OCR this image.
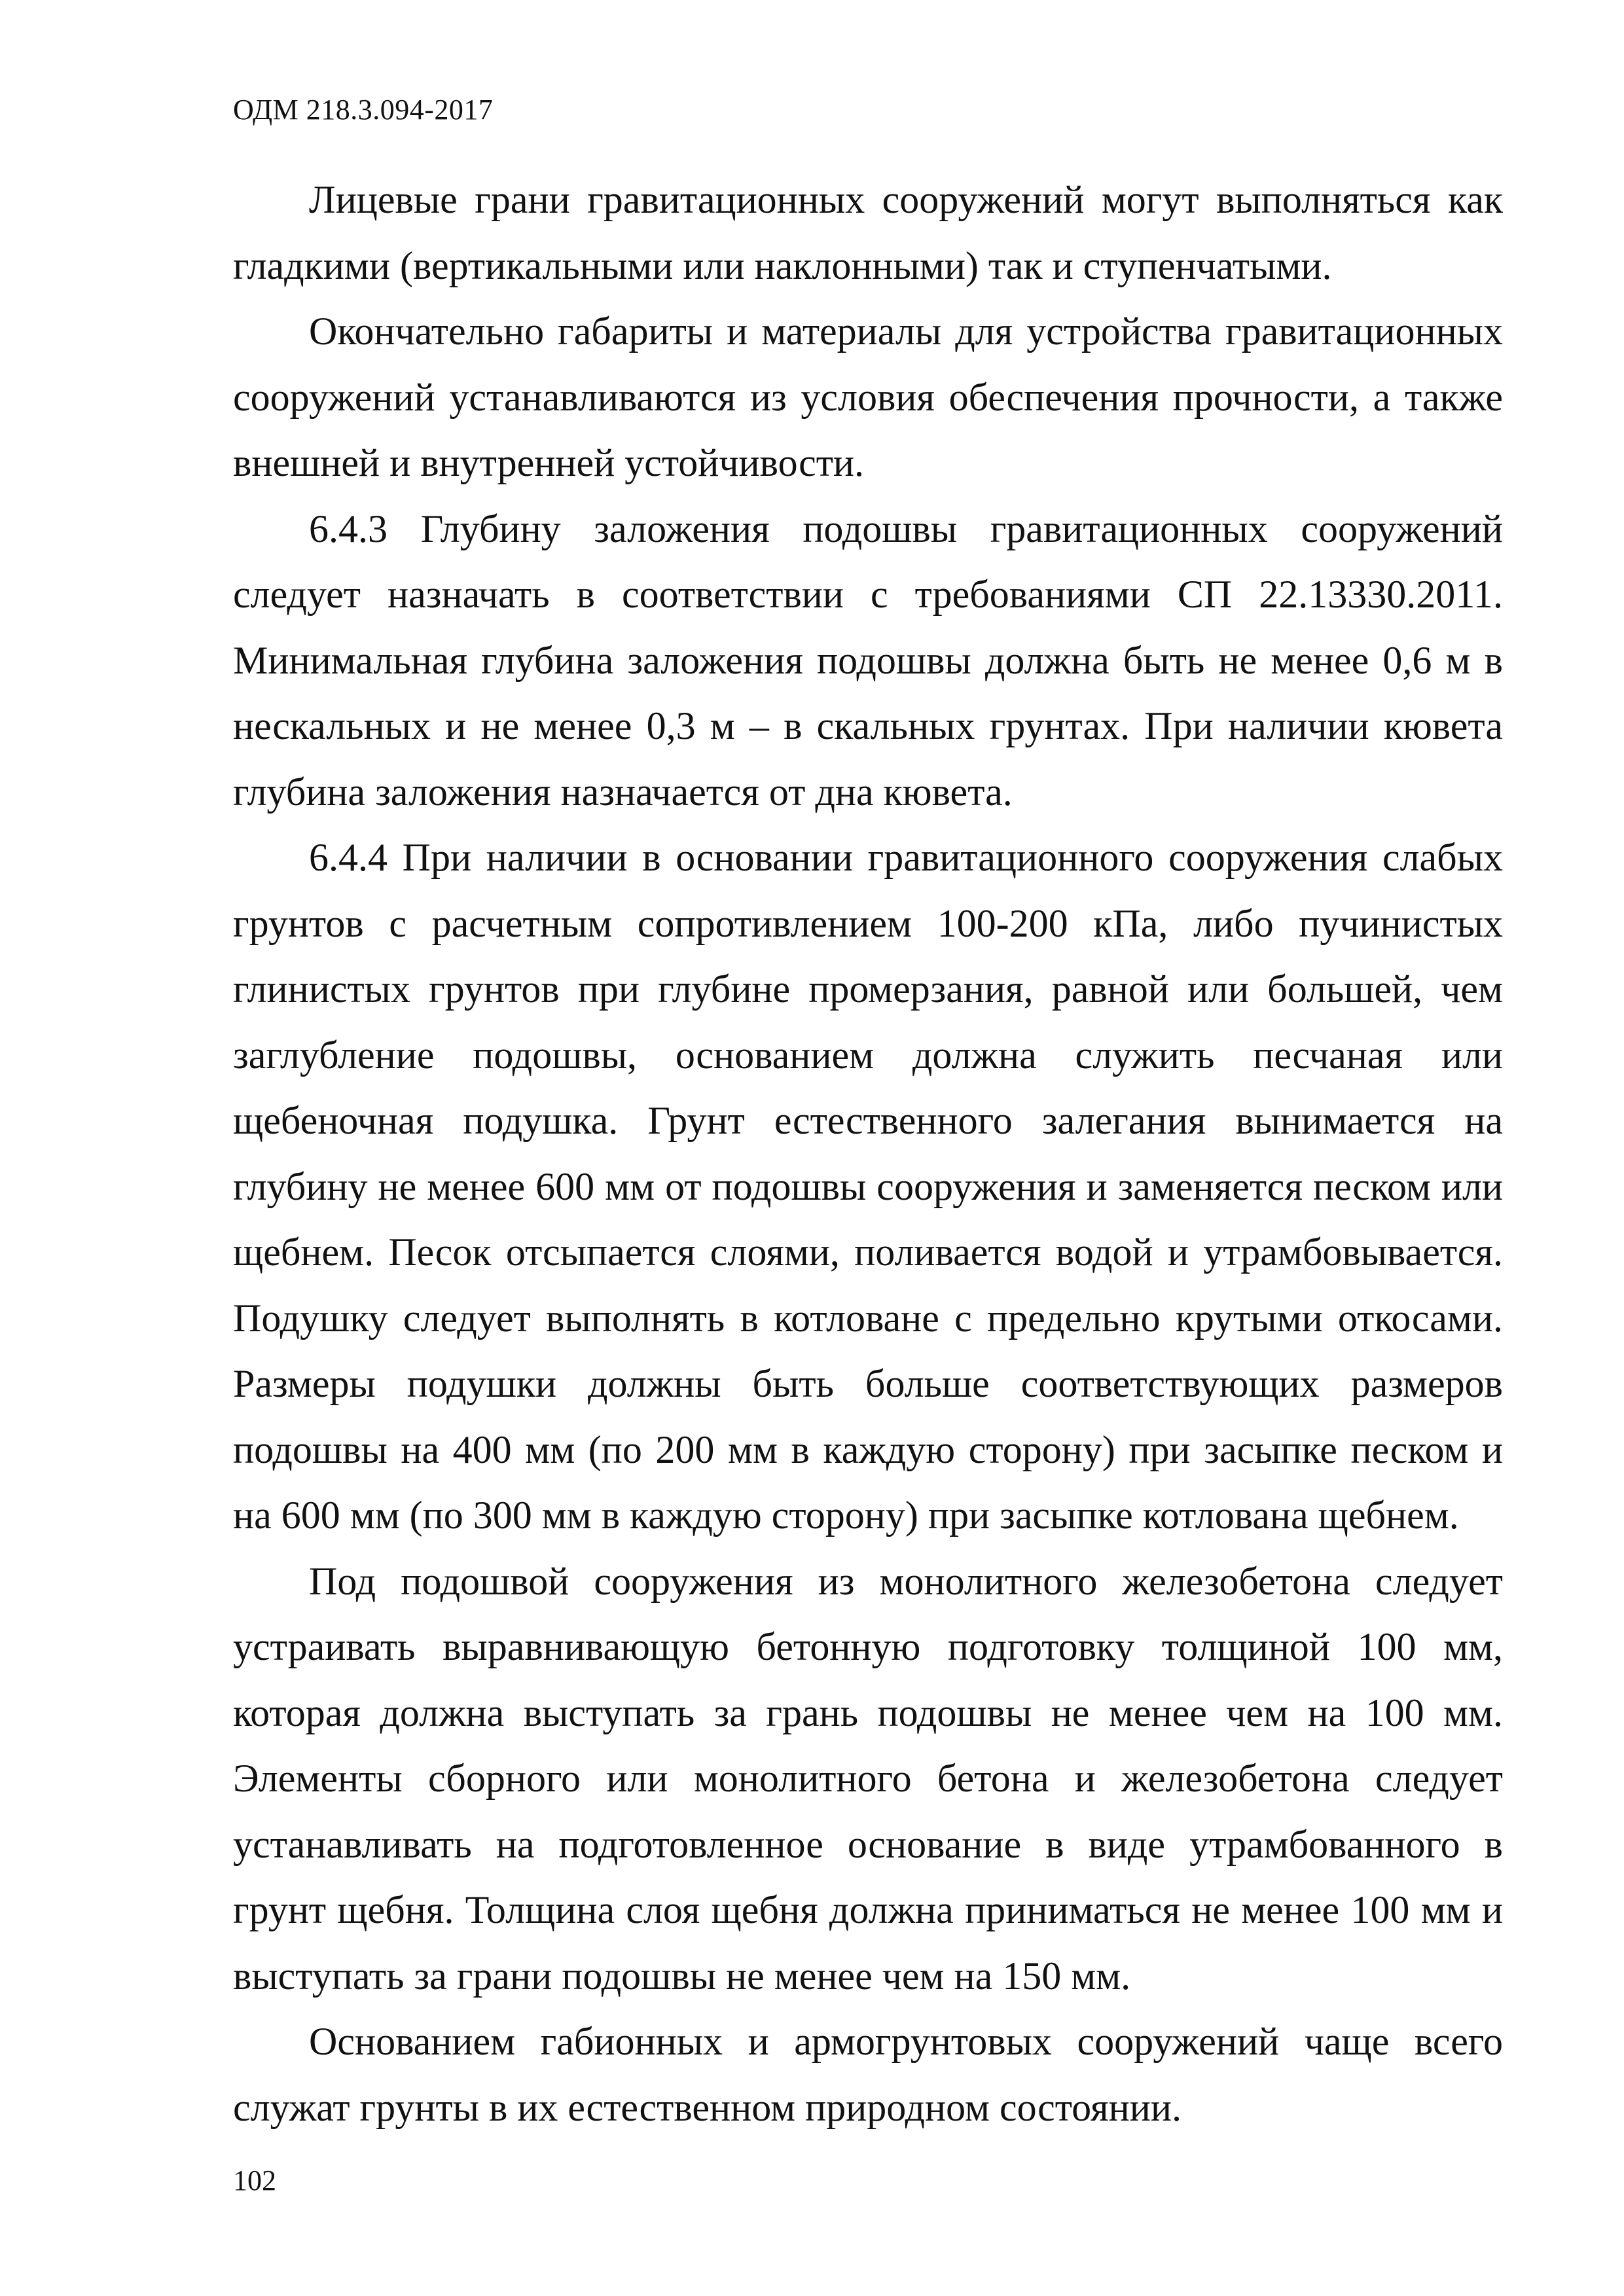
ОДМ 218.3.094-2017

Лицевые грани гравитационных сооружений могут выполняться как гладкими (вертикальными или наклонными) так и ступенчатыми.

Окончательно габариты и материалы для устройства гравитационных сооружений устанавливаются из условия обеспечения прочности, а также внешней и внутренней устойчивости.

6.4.3 Глубину заложения подошвы гравитационных сооружений следует назначать в соответствии с требованиями СП 22.13330.2011. Минимальная глубина заложения подошвы должна быть не менее 0,6 м в нескальных и не менее 0,3 м – в скальных грунтах. При наличии кювета глубина заложения назначается от дна кювета.

6.4.4 При наличии в основании гравитационного сооружения слабых грунтов с расчетным сопротивлением 100-200 кПа, либо пучинистых глинистых грунтов при глубине промерзания, равной или большей, чем заглубление подошвы, основанием должна служить песчаная или щебеночная подушка. Грунт естественного залегания вынимается на глубину не менее 600 мм от подошвы сооружения и заменяется песком или щебнем. Песок отсыпается слоями, поливается водой и утрамбовывается. Подушку следует выполнять в котловане с предельно крутыми откосами. Размеры подушки должны быть больше соответствующих размеров подошвы на 400 мм (по 200 мм в каждую сторону) при засыпке песком и на 600 мм (по 300 мм в каждую сторону) при засыпке котлована щебнем.

Под подошвой сооружения из монолитного железобетона следует устраивать выравнивающую бетонную подготовку толщиной 100 мм, которая должна выступать за грань подошвы не менее чем на 100 мм. Элементы сборного или монолитного бетона и железобетона следует устанавливать на подготовленное основание в виде утрамбованного в грунт щебня. Толщина слоя щебня должна приниматься не менее 100 мм и выступать за грани подошвы не менее чем на 150 мм.

Основанием габионных и армогрунтовых сооружений чаще всего служат грунты в их естественном природном состоянии.

102
